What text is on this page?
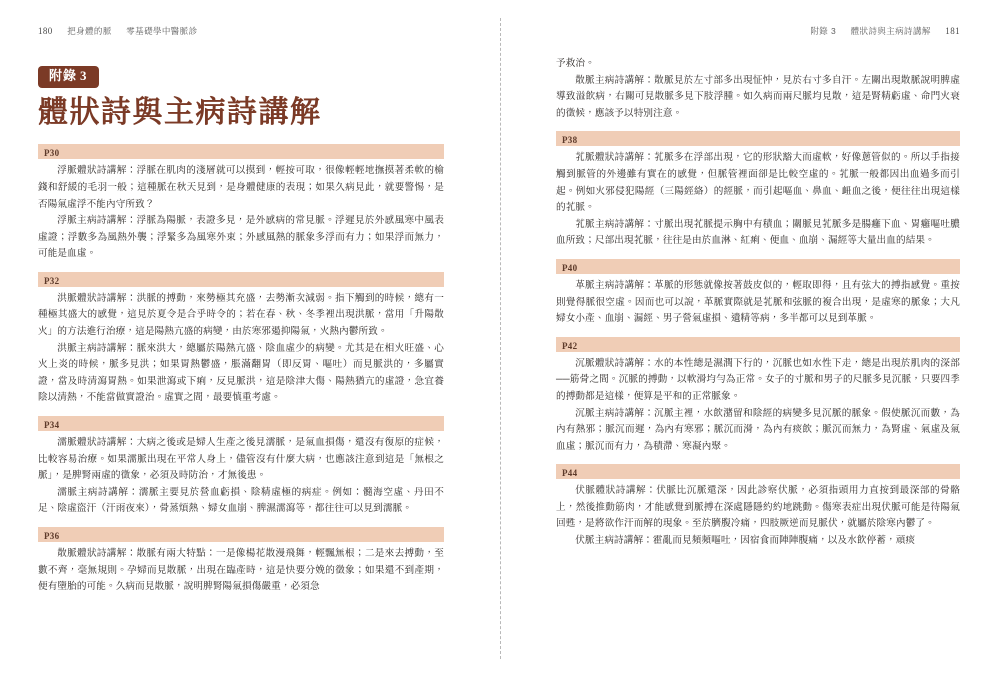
180 把身體的脈 零基礎學中醫脈診
附錄 3
體狀詩與主病詩講解
P30

浮脈體狀詩講解：浮脈在肌肉的淺層就可以摸到，輕按可取，很像輕輕地撫摸著柔軟的榆錢和舒緩的毛羽一般；這種脈在秋天見到，是身體健康的表現；如果久病見此，就要警惕，是否陽氣虛浮不能內守所致？

浮脈主病詩講解：浮脈為陽脈，表證多見，是外感病的常見脈。浮遲見於外感風寒中風表虛證；浮數多為風熱外襲；浮緊多為風寒外束；外感風熱的脈象多浮而有力；如果浮而無力，可能是血虛。

P32

洪脈體狀詩講解：洪脈的搏動，來勢極其充盛，去勢漸次減弱。指下觸到的時候，總有一種極其盛大的感覺，這見於夏令是合乎時令的；若在春、秋、冬季裡出現洪脈，當用「升陽散火」的方法進行治療，這是陽熱亢盛的病變，由於寒邪遏抑陽氣，火熱內鬱所致。

洪脈主病詩講解：脈來洪大，總屬於陽熱亢盛、陰血虛少的病變。尤其是在相火旺盛、心火上炎的時候，脈多見洪；如果胃熱鬱盛，脹滿翻胃（即反胃、嘔吐）而見脈洪的，多屬實證，當及時清瀉胃熱。如果泄瀉或下痢，反見脈洪，這是陰津大傷、陽熱猶亢的虛證，急宜養陰以清熱，不能當做實證治。虛實之間，最要慎重考慮。

P34

濡脈體狀詩講解：大病之後或是婦人生產之後見濡脈，是氣血損傷，還沒有復原的症候，比較容易治療。如果濡脈出現在平常人身上，儘管沒有什麼大病，也應該注意到這是「無根之脈」，是脾腎兩虛的徵象，必須及時防治，才無後患。

濡脈主病詩講解：濡脈主要見於營血虧損、陰精虛極的病症。例如：髓海空虛、丹田不足、陰虛盜汗（汗雨夜來），骨蒸煩熱、婦女血崩、脾濕濡瀉等，都往往可以見到濡脈。

P36

散脈體狀詩講解：散脈有兩大特點：一是像楊花散漫飛舞，輕飄無根；二是來去搏動，至數不齊，毫無規則。孕婦而見散脈，出現在臨產時，這是快要分娩的徵象；如果還不到產期，便有墮胎的可能。久病而見散脈，說明脾腎陽氣損傷嚴重，必須急

附錄 3 體狀詩與主病詩講解 181

予救治。

散脈主病詩講解：散脈見於左寸部多出現怔忡，見於右寸多自汗。左關出現散脈說明脾虛導致溢飲病，右關可見散脈多見下肢浮腫。如久病而兩尺脈均見散，這是腎精虧虛、命門火衰的徵候，應該予以特別注意。

P38

芤脈體狀詩講解：芤脈多在浮部出現，它的形狀豁大而虛軟，好像蔥管似的。所以手指接觸到脈管的外邊雖有實在的感覺，但脈管裡面卻是比較空虛的。芤脈一般都因出血過多而引起。例如火邪侵犯陽經（三陽經絡）的經脈，而引起嘔血、鼻血、衄血之後，便往往出現這樣的芤脈。

芤脈主病詩講解：寸脈出現芤脈提示胸中有積血；關脈見芤脈多是腸癰下血、胃癰嘔吐膿血所致；尺部出現芤脈，往往是由於血淋、紅痢、便血、血崩、漏經等大量出血的結果。

P40

革脈主病詩講解：革脈的形態就像按著鼓皮似的，輕取即得，且有弦大的搏指感覺。重按則覺得脈很空虛。因而也可以說，革脈實際就是芤脈和弦脈的複合出現，是虛寒的脈象；大凡婦女小產、血崩、漏經、男子營氣虛損、遺精等病，多半都可以見到革脈。

P42

沉脈體狀詩講解：水的本性總是濕潤下行的，沉脈也如水性下走，總是出現於肌肉的深部──筋骨之間。沉脈的搏動，以軟滑均勻為正常。女子的寸脈和男子的尺脈多見沉脈，只要四季的搏動都是這樣，便算是平和的正常脈象。

沉脈主病詩講解：沉脈主裡，水飲潴留和陰經的病變多見沉脈的脈象。假使脈沉而數，為內有熱邪；脈沉而遲，為內有寒邪；脈沉而滑，為內有痰飲；脈沉而無力，為腎虛、氣虛及氣血虛；脈沉而有力，為積滯、寒凝內聚。

P44

伏脈體狀詩講解：伏脈比沉脈還深，因此診察伏脈，必須指頭用力直按到最深部的骨骼上，然後推動筋肉，才能感覺到脈搏在深處隱隱約約地跳動。傷寒表症出現伏脈可能是待陽氣回甦，是將欲作汗而解的現象。至於臍腹冷痛，四肢厥逆而見脈伏，就屬於陰寒內鬱了。

伏脈主病詩講解：霍亂而見頻頻嘔吐，因宿食而陣陣腹痛，以及水飲停蓄，頑痰
